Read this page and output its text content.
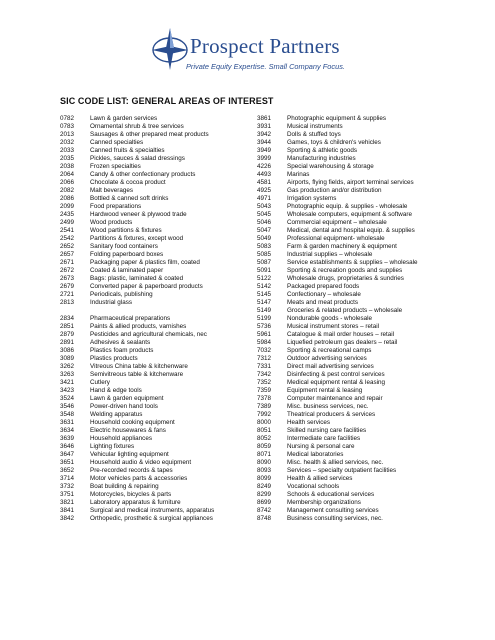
Prospect Partners
Private Equity Expertise. Small Company Focus.
SIC CODE LIST: GENERAL AREAS OF INTEREST
0782	Lawn & garden services
0783	Ornamental shrub & tree services
2013	Sausages & other prepared meat products
2032	Canned specialties
2033	Canned fruits & specialties
2035	Pickles, sauces & salad dressings
2038	Frozen specialties
2064	Candy & other confectionary products
2066	Chocolate & cocoa product
2082	Malt beverages
2086	Bottled & canned soft drinks
2099	Food preparations
2435	Hardwood veneer & plywood trade
2499	Wood products
2541	Wood partitions & fixtures
2542	Partitions & fixtures, except wood
2652	Sanitary food containers
2657	Folding paperboard boxes
2671	Packaging paper & plastics film, coated
2672	Coated & laminated paper
2673	Bags: plastic, laminated & coated
2679	Converted paper & paperboard products
2721	Periodicals, publishing
2813	Industrial glass
2834	Pharmaceutical preparations
2851	Paints & allied products, varnishes
2879	Pesticides and agricultural chemicals, nec
2891	Adhesives & sealants
3086	Plastics foam products
3089	Plastics products
3262	Vitreous China table & kitchenware
3263	Semivitreous table & kitchenware
3421	Cutlery
3423	Hand & edge tools
3524	Lawn & garden equipment
3546	Power-driven hand tools
3548	Welding apparatus
3631	Household cooking equipment
3634	Electric housewares & fans
3639	Household appliances
3646	Lighting fixtures
3647	Vehicular lighting equipment
3651	Household audio & video equipment
3652	Pre-recorded records & tapes
3714	Motor vehicles parts & accessories
3732	Boat building & repairing
3751	Motorcycles, bicycles & parts
3821	Laboratory apparatus & furniture
3841	Surgical and medical instruments, apparatus
3842	Orthopedic, prosthetic & surgical appliances
3861	Photographic equipment & supplies
3931	Musical instruments
3942	Dolls & stuffed toys
3944	Games, toys & children's vehicles
3949	Sporting & athletic goods
3999	Manufacturing industries
4226	Special warehousing & storage
4493	Marinas
4581	Airports, flying fields, airport terminal services
4925	Gas production and/or distribution
4971	Irrigation systems
5043	Photographic equip. & supplies - wholesale
5045	Wholesale computers, equipment & software
5046	Commercial equipment – wholesale
5047	Medical, dental and hospital equip. & supplies
5049	Professional equipment- wholesale
5083	Farm & garden machinery & equipment
5085	Industrial supplies – wholesale
5087	Service establishments & supplies – wholesale
5091	Sporting & recreation goods and supplies
5122	Wholesale drugs, proprietaries & sundries
5142	Packaged prepared foods
5145	Confectionary – wholesale
5147	Meats and meat products
5149	Groceries & related products – wholesale
5199	Nondurable goods - wholesale
5736	Musical instrument stores – retail
5961	Catalogue & mail order houses – retail
5984	Liquefied petroleum gas dealers – retail
7032	Sporting & recreational camps
7312	Outdoor advertising services
7331	Direct mail advertising services
7342	Disinfecting & pest control services
7352	Medical equipment rental & leasing
7359	Equipment rental & leasing
7378	Computer maintenance and repair
7389	Misc. business services, nec.
7992	Theatrical producers & services
8000	Health services
8051	Skilled nursing care facilities
8052	Intermediate care facilities
8059	Nursing & personal care
8071	Medical laboratories
8090	Misc. health & allied services, nec.
8093	Services – specialty outpatient facilities
8099	Health & allied services
8249	Vocational schools
8299	Schools & educational services
8699	Membership organizations
8742	Management consulting services
8748	Business consulting services, nec.
